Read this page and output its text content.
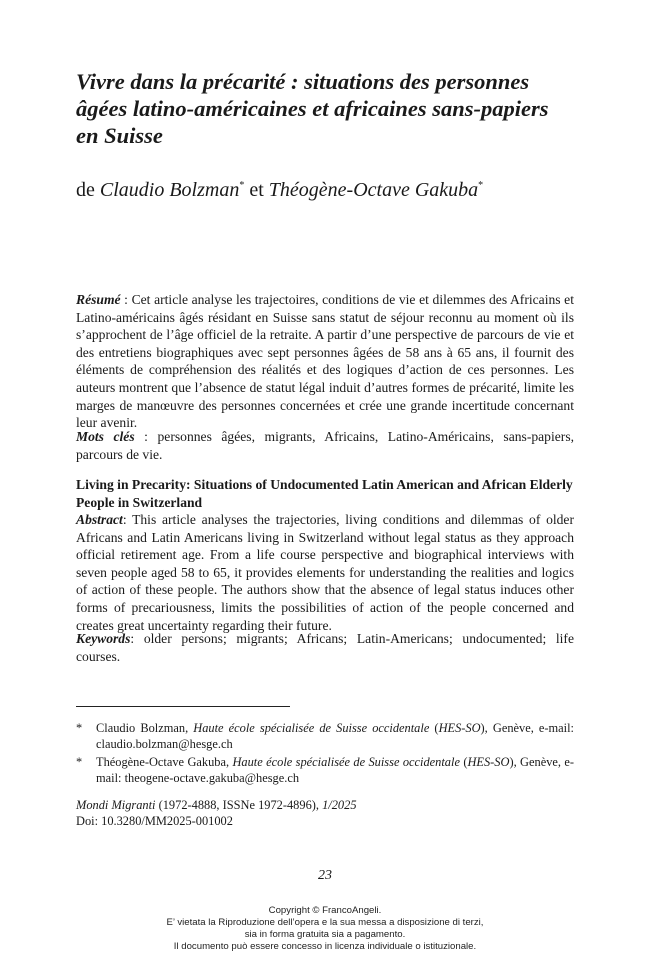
Vivre dans la précarité : situations des personnes âgées latino-américaines et africaines sans-papiers en Suisse

de Claudio Bolzman* et Théogène-Octave Gakuba*

Résumé : Cet article analyse les trajectoires, conditions de vie et dilemmes des Africains et Latino-américains âgés résidant en Suisse sans statut de séjour reconnu au moment où ils s’approchent de l’âge officiel de la retraite. A partir d’une perspective de parcours de vie et des entretiens biographiques avec sept personnes âgées de 58 ans à 65 ans, il fournit des éléments de compréhension des réalités et des logiques d’action de ces personnes. Les auteurs montrent que l’absence de statut légal induit d’autres formes de précarité, limite les marges de manœuvre des personnes concernées et crée une grande incertitude concernant leur avenir.

Mots clés : personnes âgées, migrants, Africains, Latino-Américains, sans-papiers, parcours de vie.

Living in Precarity: Situations of Undocumented Latin American and African Elderly People in Switzerland

Abstract: This article analyses the trajectories, living conditions and dilemmas of older Africans and Latin Americans living in Switzerland without legal status as they approach official retirement age. From a life course perspective and biographical interviews with seven people aged 58 to 65, it provides elements for understanding the realities and logics of action of these people. The authors show that the absence of legal status induces other forms of precariousness, limits the possibilities of action of the people concerned and creates great uncertainty regarding their future.

Keywords: older persons; migrants; Africans; Latin-Americans; undocumented; life courses.

* Claudio Bolzman, Haute école spécialisée de Suisse occidentale (HES-SO), Genève, e-mail: claudio.bolzman@hesge.ch

* Théogène-Octave Gakuba, Haute école spécialisée de Suisse occidentale (HES-SO), Genève, e-mail: theogene-octave.gakuba@hesge.ch

Mondi Migranti (1972-4888, ISSNe 1972-4896), 1/2025
Doi: 10.3280/MM2025-001002

23
Copyright © FrancoAngeli.
E’ vietata la Riproduzione dell’opera e la sua messa a disposizione di terzi,
sia in forma gratuita sia a pagamento.
Il documento può essere concesso in licenza individuale o istituzionale.
